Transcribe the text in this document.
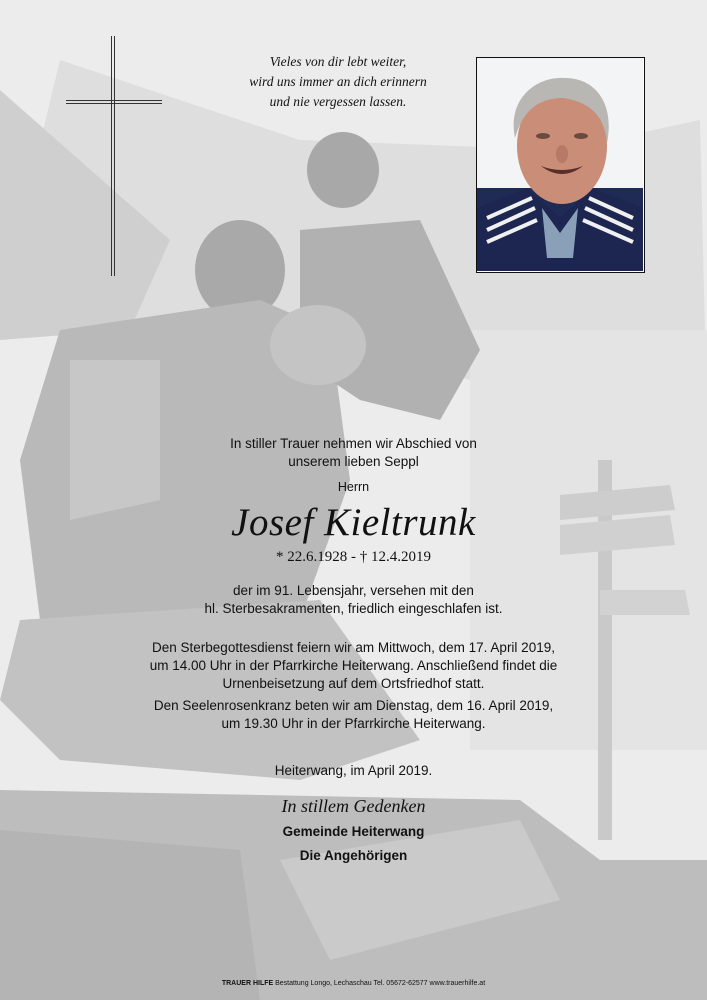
Vieles von dir lebt weiter,
wird uns immer an dich erinnern
und nie vergessen lassen.
In stiller Trauer nehmen wir Abschied von
unserem lieben Seppl
Herrn
Josef Kieltrunk
* 22.6.1928 - † 12.4.2019
der im 91. Lebensjahr, versehen mit den
hl. Sterbesakramenten, friedlich eingeschlafen ist.
Den Sterbegottesdienst feiern wir am Mittwoch, dem 17. April 2019,
um 14.00 Uhr in der Pfarrkirche Heiterwang. Anschließend findet die
Urnenbeisetzung auf dem Ortsfriedhof statt.
Den Seelenrosenkranz beten wir am Dienstag, dem 16. April 2019,
um 19.30 Uhr in der Pfarrkirche Heiterwang.
Heiterwang, im April 2019.
In stillem Gedenken
Gemeinde Heiterwang
Die Angehörigen
TRAUER HILFE Bestattung Longo, Lechaschau Tel. 05672-62577 www.trauerhilfe.at
